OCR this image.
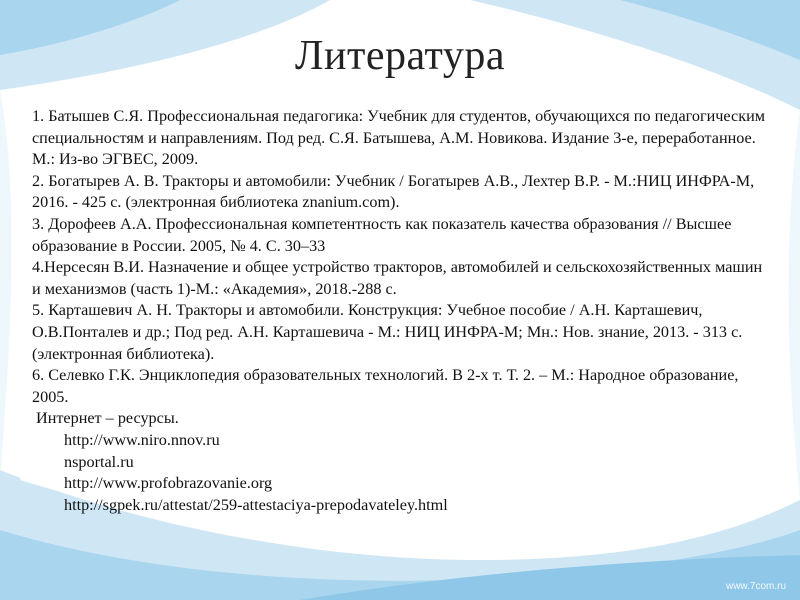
Литература

1. Батышев С.Я. Профессиональная педагогика: Учебник для студентов, обучающихся по педагогическим специальностям и направлениям. Под ред. С.Я. Батышева, А.М. Новикова. Издание 3-е, переработанное. М.: Из-во ЭГВЕС, 2009.

2. Богатырев А. В. Тракторы и автомобили: Учебник / Богатырев А.В., Лехтер В.Р. - М.:НИЦ ИНФРА-М, 2016. - 425 с. (электронная библиотека znanium.com).

3. Дорофеев А.А. Профессиональная компетентность как показатель качества образования // Высшее образование в России. 2005, № 4. С. 30–33

4.Нерсесян В.И. Назначение и общее устройство тракторов, автомобилей и сельскохозяйственных машин и механизмов (часть 1)-М.: «Академия», 2018.-288 с.

5. Карташевич А. Н. Тракторы и автомобили. Конструкция: Учебное пособие / А.Н. Карташевич, О.В.Понталев и др.; Под ред. А.Н. Карташевича - М.: НИЦ ИНФРА-М; Мн.: Нов. знание, 2013. - 313 с. (электронная библиотека).

6. Селевко Г.К. Энциклопедия образовательных технологий. В 2-х т. Т. 2. – М.: Народное образование, 2005.

Интернет – ресурсы.

http://www.niro.nnov.ru
nsportal.ru
http://www.profobrazovanie.org
http://sgpek.ru/attestat/259-attestaciya-prepodavateley.html
www.7com.ru
